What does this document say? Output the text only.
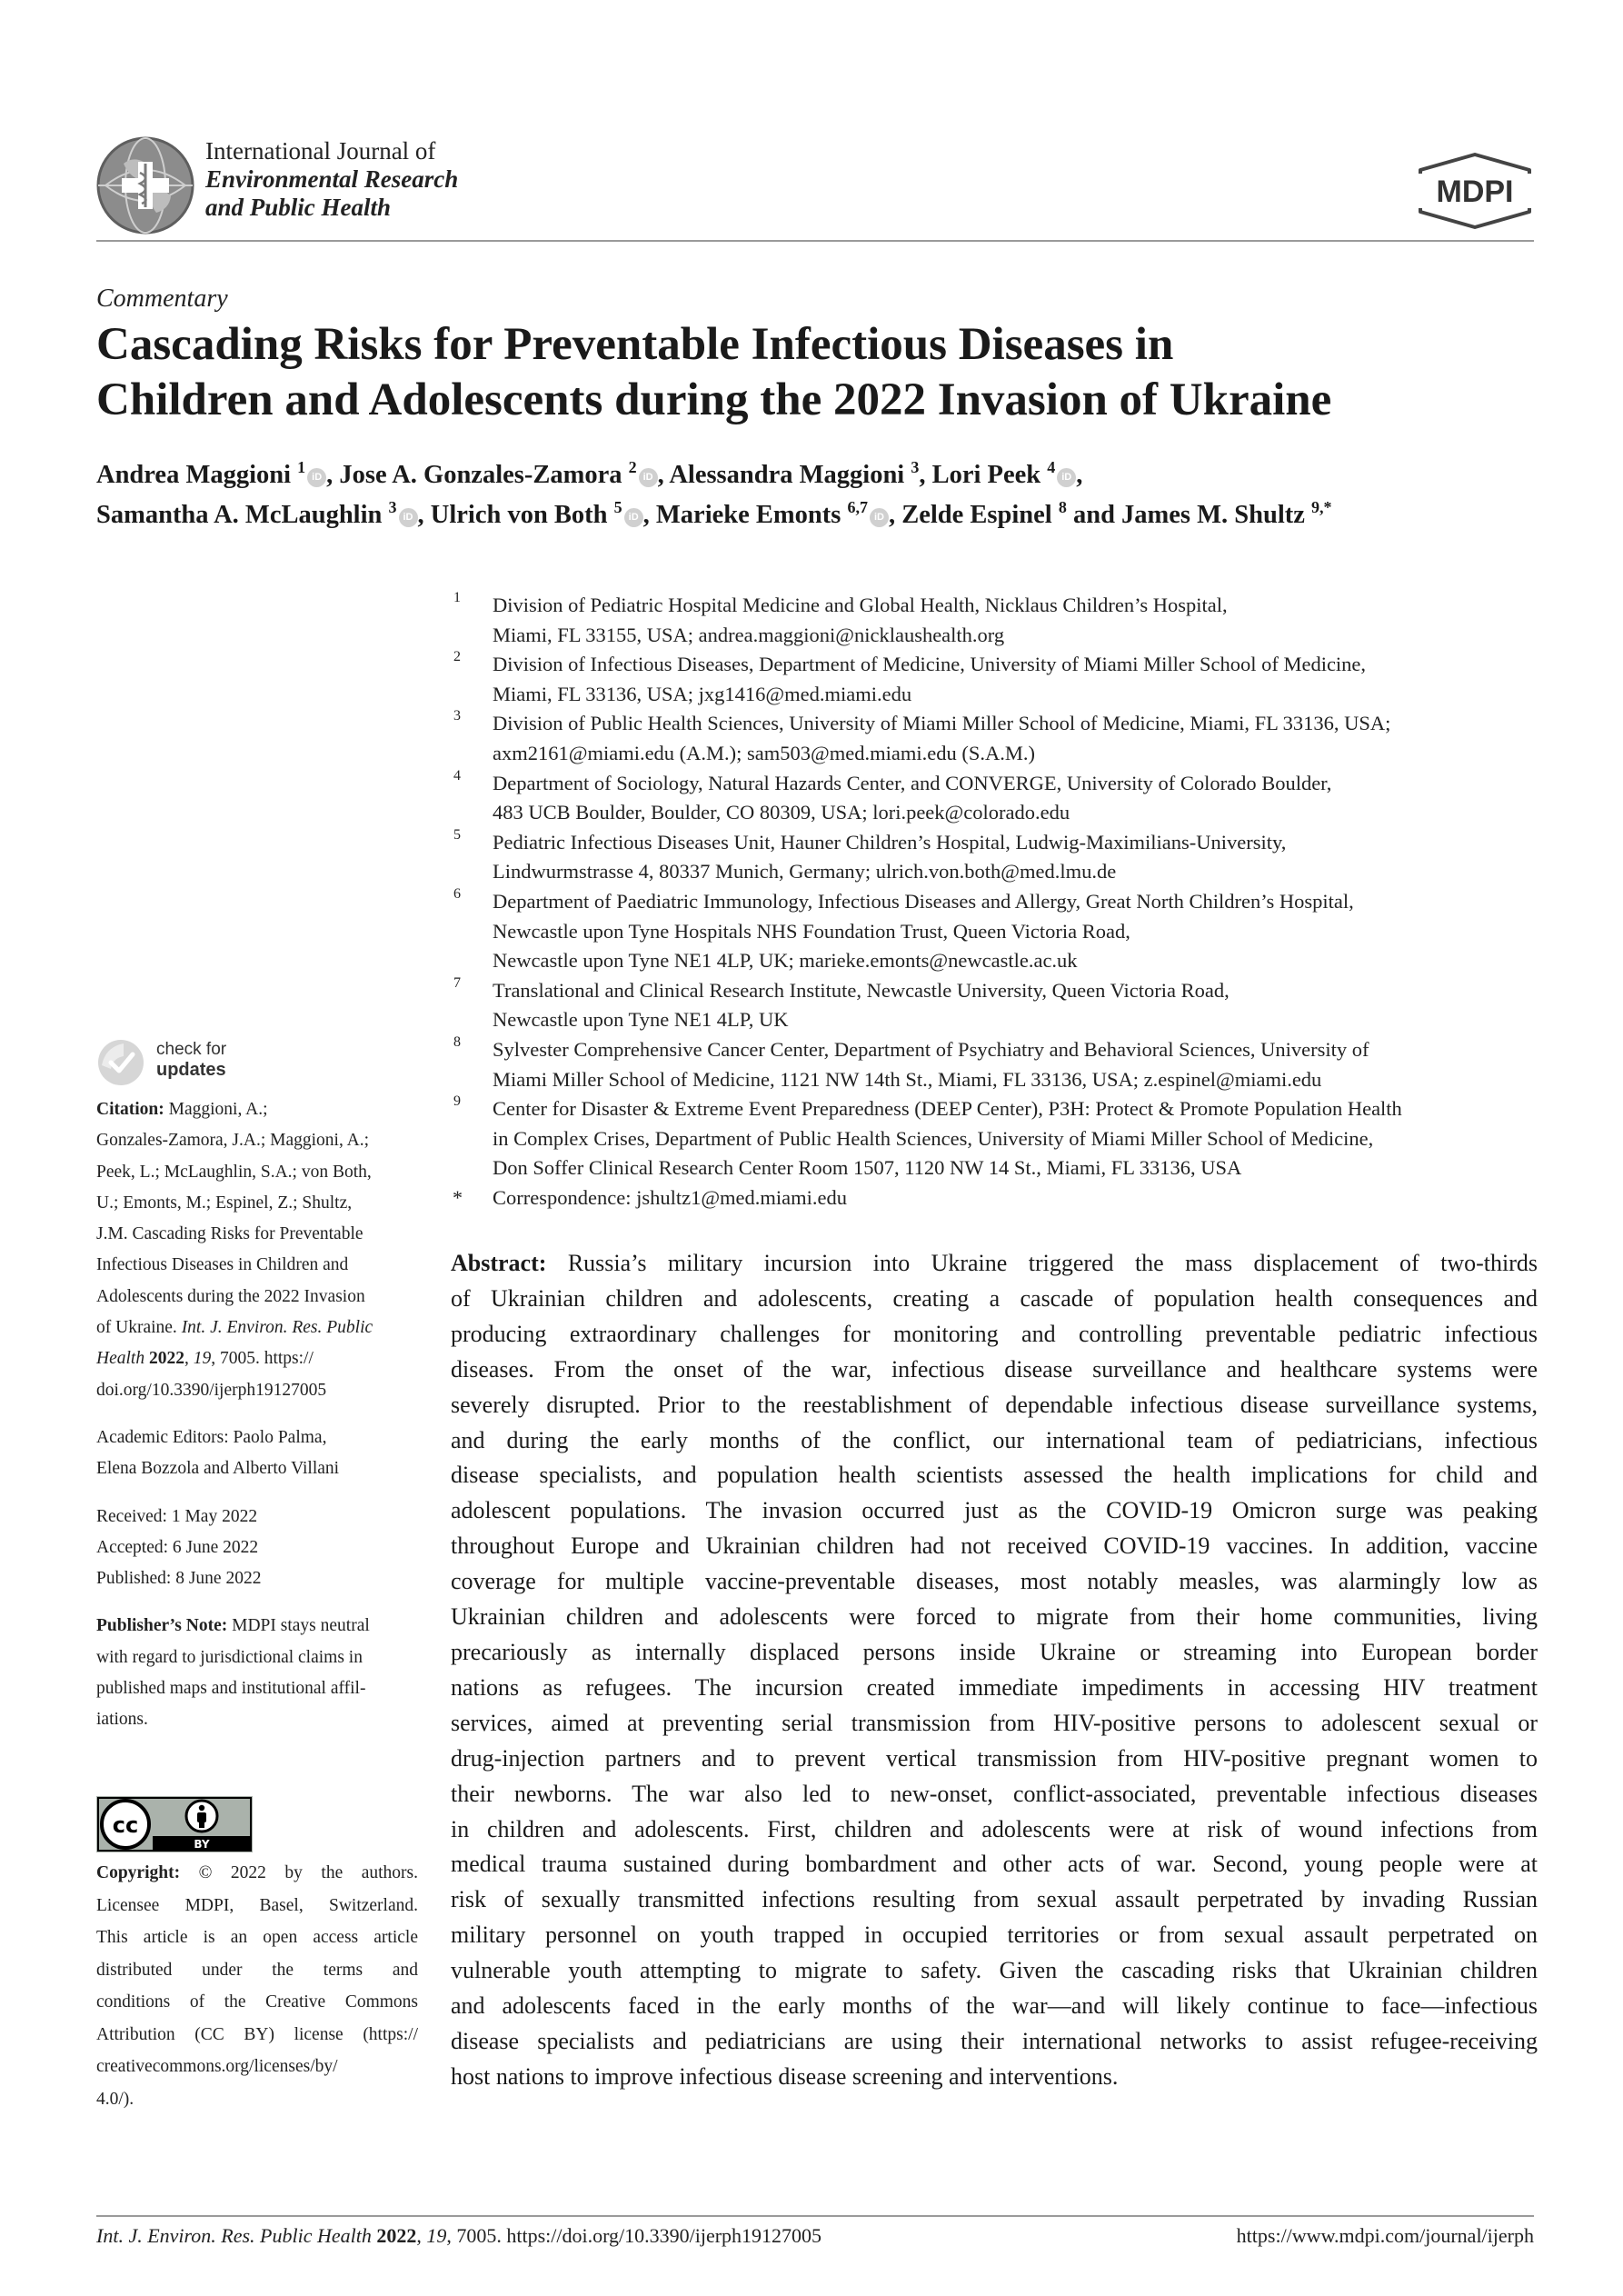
International Journal of
Environmental Research
and Public Health	MDPI
Commentary
Cascading Risks for Preventable Infectious Diseases in
Children and Adolescents during the 2022 Invasion of Ukraine
Andrea Maggioni $^1$iD , Jose A. Gonzales-Zamora $^2$iD , Alessandra Maggioni $^3$, Lori Peek $^4$iD ,
Samantha A. McLaughlin $^3$iD , Ulrich von Both $^5$iD , Marieke Emonts $^{6,7}$iD , Zelde Espinel $^8$ and James M. Shultz $^{9,*}$
1 Division of Pediatric Hospital Medicine and Global Health, Nicklaus Children’s Hospital,
Miami, FL 33155, USA; andrea.maggioni@nicklaushealth.org
2 Division of Infectious Diseases, Department of Medicine, University of Miami Miller School of Medicine,
Miami, FL 33136, USA; jxg1416@med.miami.edu
3 Division of Public Health Sciences, University of Miami Miller School of Medicine, Miami, FL 33136, USA;
axm2161@miami.edu (A.M.); sam503@med.miami.edu (S.A.M.)
4 Department of Sociology, Natural Hazards Center, and CONVERGE, University of Colorado Boulder,
483 UCB Boulder, Boulder, CO 80309, USA; lori.peek@colorado.edu
5 Pediatric Infectious Diseases Unit, Hauner Children’s Hospital, Ludwig-Maximilians-University,
Lindwurmstrasse 4, 80337 Munich, Germany; ulrich.von.both@med.lmu.de
6 Department of Paediatric Immunology, Infectious Diseases and Allergy, Great North Children’s Hospital,
Newcastle upon Tyne Hospitals NHS Foundation Trust, Queen Victoria Road,
Newcastle upon Tyne NE1 4LP, UK; marieke.emonts@newcastle.ac.uk
7 Translational and Clinical Research Institute, Newcastle University, Queen Victoria Road,
Newcastle upon Tyne NE1 4LP, UK
8 Sylvester Comprehensive Cancer Center, Department of Psychiatry and Behavioral Sciences, University of
Miami Miller School of Medicine, 1121 NW 14th St., Miami, FL 33136, USA; z.espinel@miami.edu
9 Center for Disaster & Extreme Event Preparedness (DEEP Center), P3H: Protect & Promote Population Health
in Complex Crises, Department of Public Health Sciences, University of Miami Miller School of Medicine,
Don Soffer Clinical Research Center Room 1507, 1120 NW 14 St., Miami, FL 33136, USA
* Correspondence: jshultz1@med.miami.edu
check for
updates
Citation: Maggioni, A.;
Gonzales-Zamora, J.A.; Maggioni, A.;
Peek, L.; McLaughlin, S.A.; von Both,
U.; Emonts, M.; Espinel, Z.; Shultz,
J.M. Cascading Risks for Preventable
Infectious Diseases in Children and
Adolescents during the 2022 Invasion
of Ukraine. Int. J. Environ. Res. Public
Health 2022, 19, 7005. https://
doi.org/10.3390/ijerph19127005
Academic Editors: Paolo Palma,
Elena Bozzola and Alberto Villani
Received: 1 May 2022
Accepted: 6 June 2022
Published: 8 June 2022
Publisher’s Note: MDPI stays neutral
with regard to jurisdictional claims in
published maps and institutional affil-
iations.
cc
BY
Copyright: © 2022 by the authors.
Licensee MDPI, Basel, Switzerland.
This article is an open access article
distributed under the terms and
conditions of the Creative Commons
Attribution (CC BY) license (https://
creativecommons.org/licenses/by/
4.0/).
Abstract: Russia’s military incursion into Ukraine triggered the mass displacement of two-thirds
of Ukrainian children and adolescents, creating a cascade of population health consequences and
producing extraordinary challenges for monitoring and controlling preventable pediatric infectious
diseases. From the onset of the war, infectious disease surveillance and healthcare systems were
severely disrupted. Prior to the reestablishment of dependable infectious disease surveillance systems,
and during the early months of the conflict, our international team of pediatricians, infectious
disease specialists, and population health scientists assessed the health implications for child and
adolescent populations. The invasion occurred just as the COVID-19 Omicron surge was peaking
throughout Europe and Ukrainian children had not received COVID-19 vaccines. In addition, vaccine
coverage for multiple vaccine-preventable diseases, most notably measles, was alarmingly low as
Ukrainian children and adolescents were forced to migrate from their home communities, living
precariously as internally displaced persons inside Ukraine or streaming into European border
nations as refugees. The incursion created immediate impediments in accessing HIV treatment
services, aimed at preventing serial transmission from HIV-positive persons to adolescent sexual or
drug-injection partners and to prevent vertical transmission from HIV-positive pregnant women to
their newborns. The war also led to new-onset, conflict-associated, preventable infectious diseases
in children and adolescents. First, children and adolescents were at risk of wound infections from
medical trauma sustained during bombardment and other acts of war. Second, young people were at
risk of sexually transmitted infections resulting from sexual assault perpetrated by invading Russian
military personnel on youth trapped in occupied territories or from sexual assault perpetrated on
vulnerable youth attempting to migrate to safety. Given the cascading risks that Ukrainian children
and adolescents faced in the early months of the war—and will likely continue to face—infectious
disease specialists and pediatricians are using their international networks to assist refugee-receiving
host nations to improve infectious disease screening and interventions.
Int. J. Environ. Res. Public Health 2022, 19, 7005. https://doi.org/10.3390/ijerph19127005	https://www.mdpi.com/journal/ijerph
